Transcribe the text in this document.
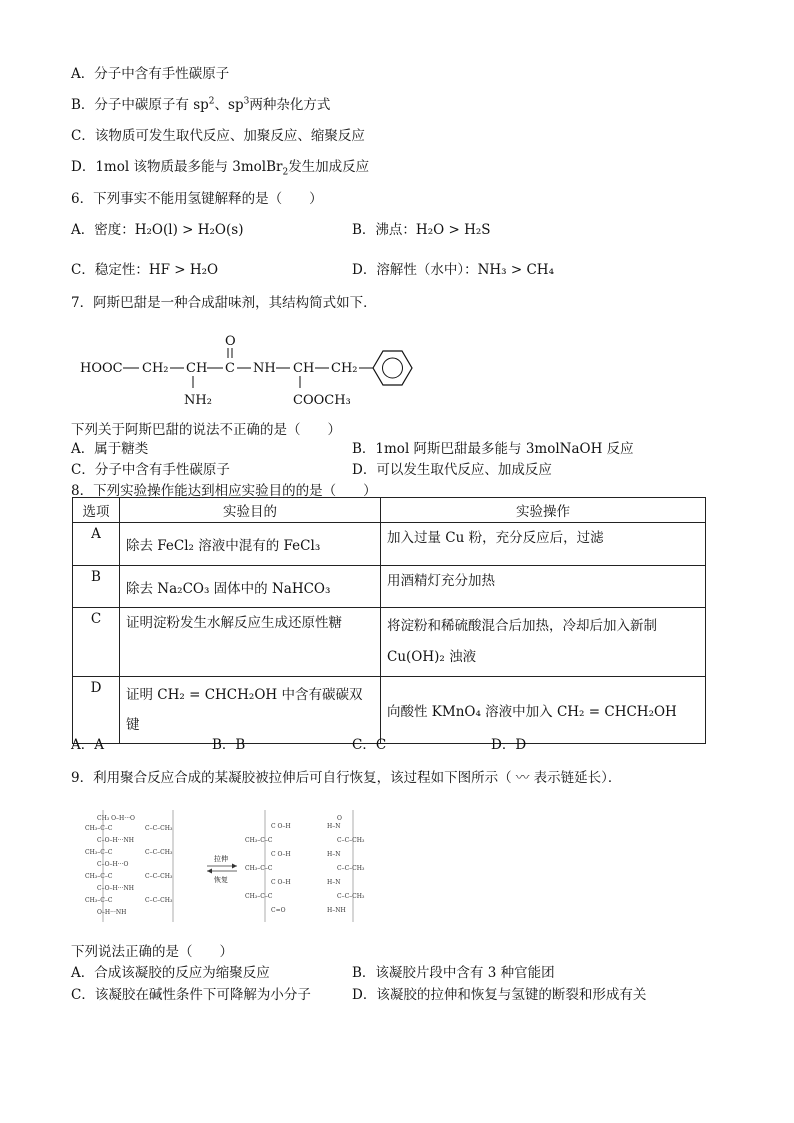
A．分子中含有手性碳原子
B．分子中碳原子有 $sp^2$、$sp^3$两种杂化方式
C．该物质可发生取代反应、加聚反应、缩聚反应
D．1mol 该物质最多能与 3molBr$_2$发生加成反应
6．下列事实不能用氢键解释的是（　　）
A．密度：H₂O(l) > H₂O(s)	B．沸点：H₂O > H₂S
C．稳定性：HF > H₂O	D．溶解性（水中）：NH₃ > CH₄
7．阿斯巴甜是一种合成甜味剂，其结构简式如下．
HOOC CH₂ CH
NH₂
C
O
NH CH
COOCH₃
CH₂
下列关于阿斯巴甜的说法不正确的是（　　）
A．属于糖类	B．1mol 阿斯巴甜最多能与 3molNaOH 反应
C．分子中含有手性碳原子	D．可以发生取代反应、加成反应
8．下列实验操作能达到相应实验目的的是（　　）
选项	实验目的	实验操作
A	除去 FeCl₂ 溶液中混有的 FeCl₃	加入过量 Cu 粉，充分反应后，过滤
B	除去 Na₂CO₃ 固体中的 NaHCO₃	用酒精灯充分加热
C	证明淀粉发生水解反应生成还原性糖	将淀粉和稀硫酸混合后加热，冷却后加入新制 Cu(OH)₂ 浊液
D	证明 CH₂ = CHCH₂OH 中含有碳碳双键	向酸性 KMnO₄ 溶液中加入 CH₂ = CHCH₂OH
A．A	B．B	C．C	D．D
9．利用聚合反应合成的某凝胶被拉伸后可自行恢复，该过程如下图所示（ 〰 表示链延长）．
CH₃ O–H···O
CH₃–C–C	C–C–CH₃
C–O–H···NH
CH₃–C–C	C–C–CH₃
C–O–H···O
CH₃–C–C	C–C–CH₃
C–O–H···NH
CH₃–C–C	C–C–CH₃
O–H···NH
拉伸
恢复
C O–H
CH₃–C–C
C O–H
CH₃–C–C
C O–H
CH₃–C–C
C=O
H–N
O
C–C–CH₃
H–N
C–C–CH₃
H–N
C–C–CH₃
H–NH
下列说法正确的是（　　）
A．合成该凝胶的反应为缩聚反应	B．该凝胶片段中含有 3 种官能团
C．该凝胶在碱性条件下可降解为小分子	D．该凝胶的拉伸和恢复与氢键的断裂和形成有关
